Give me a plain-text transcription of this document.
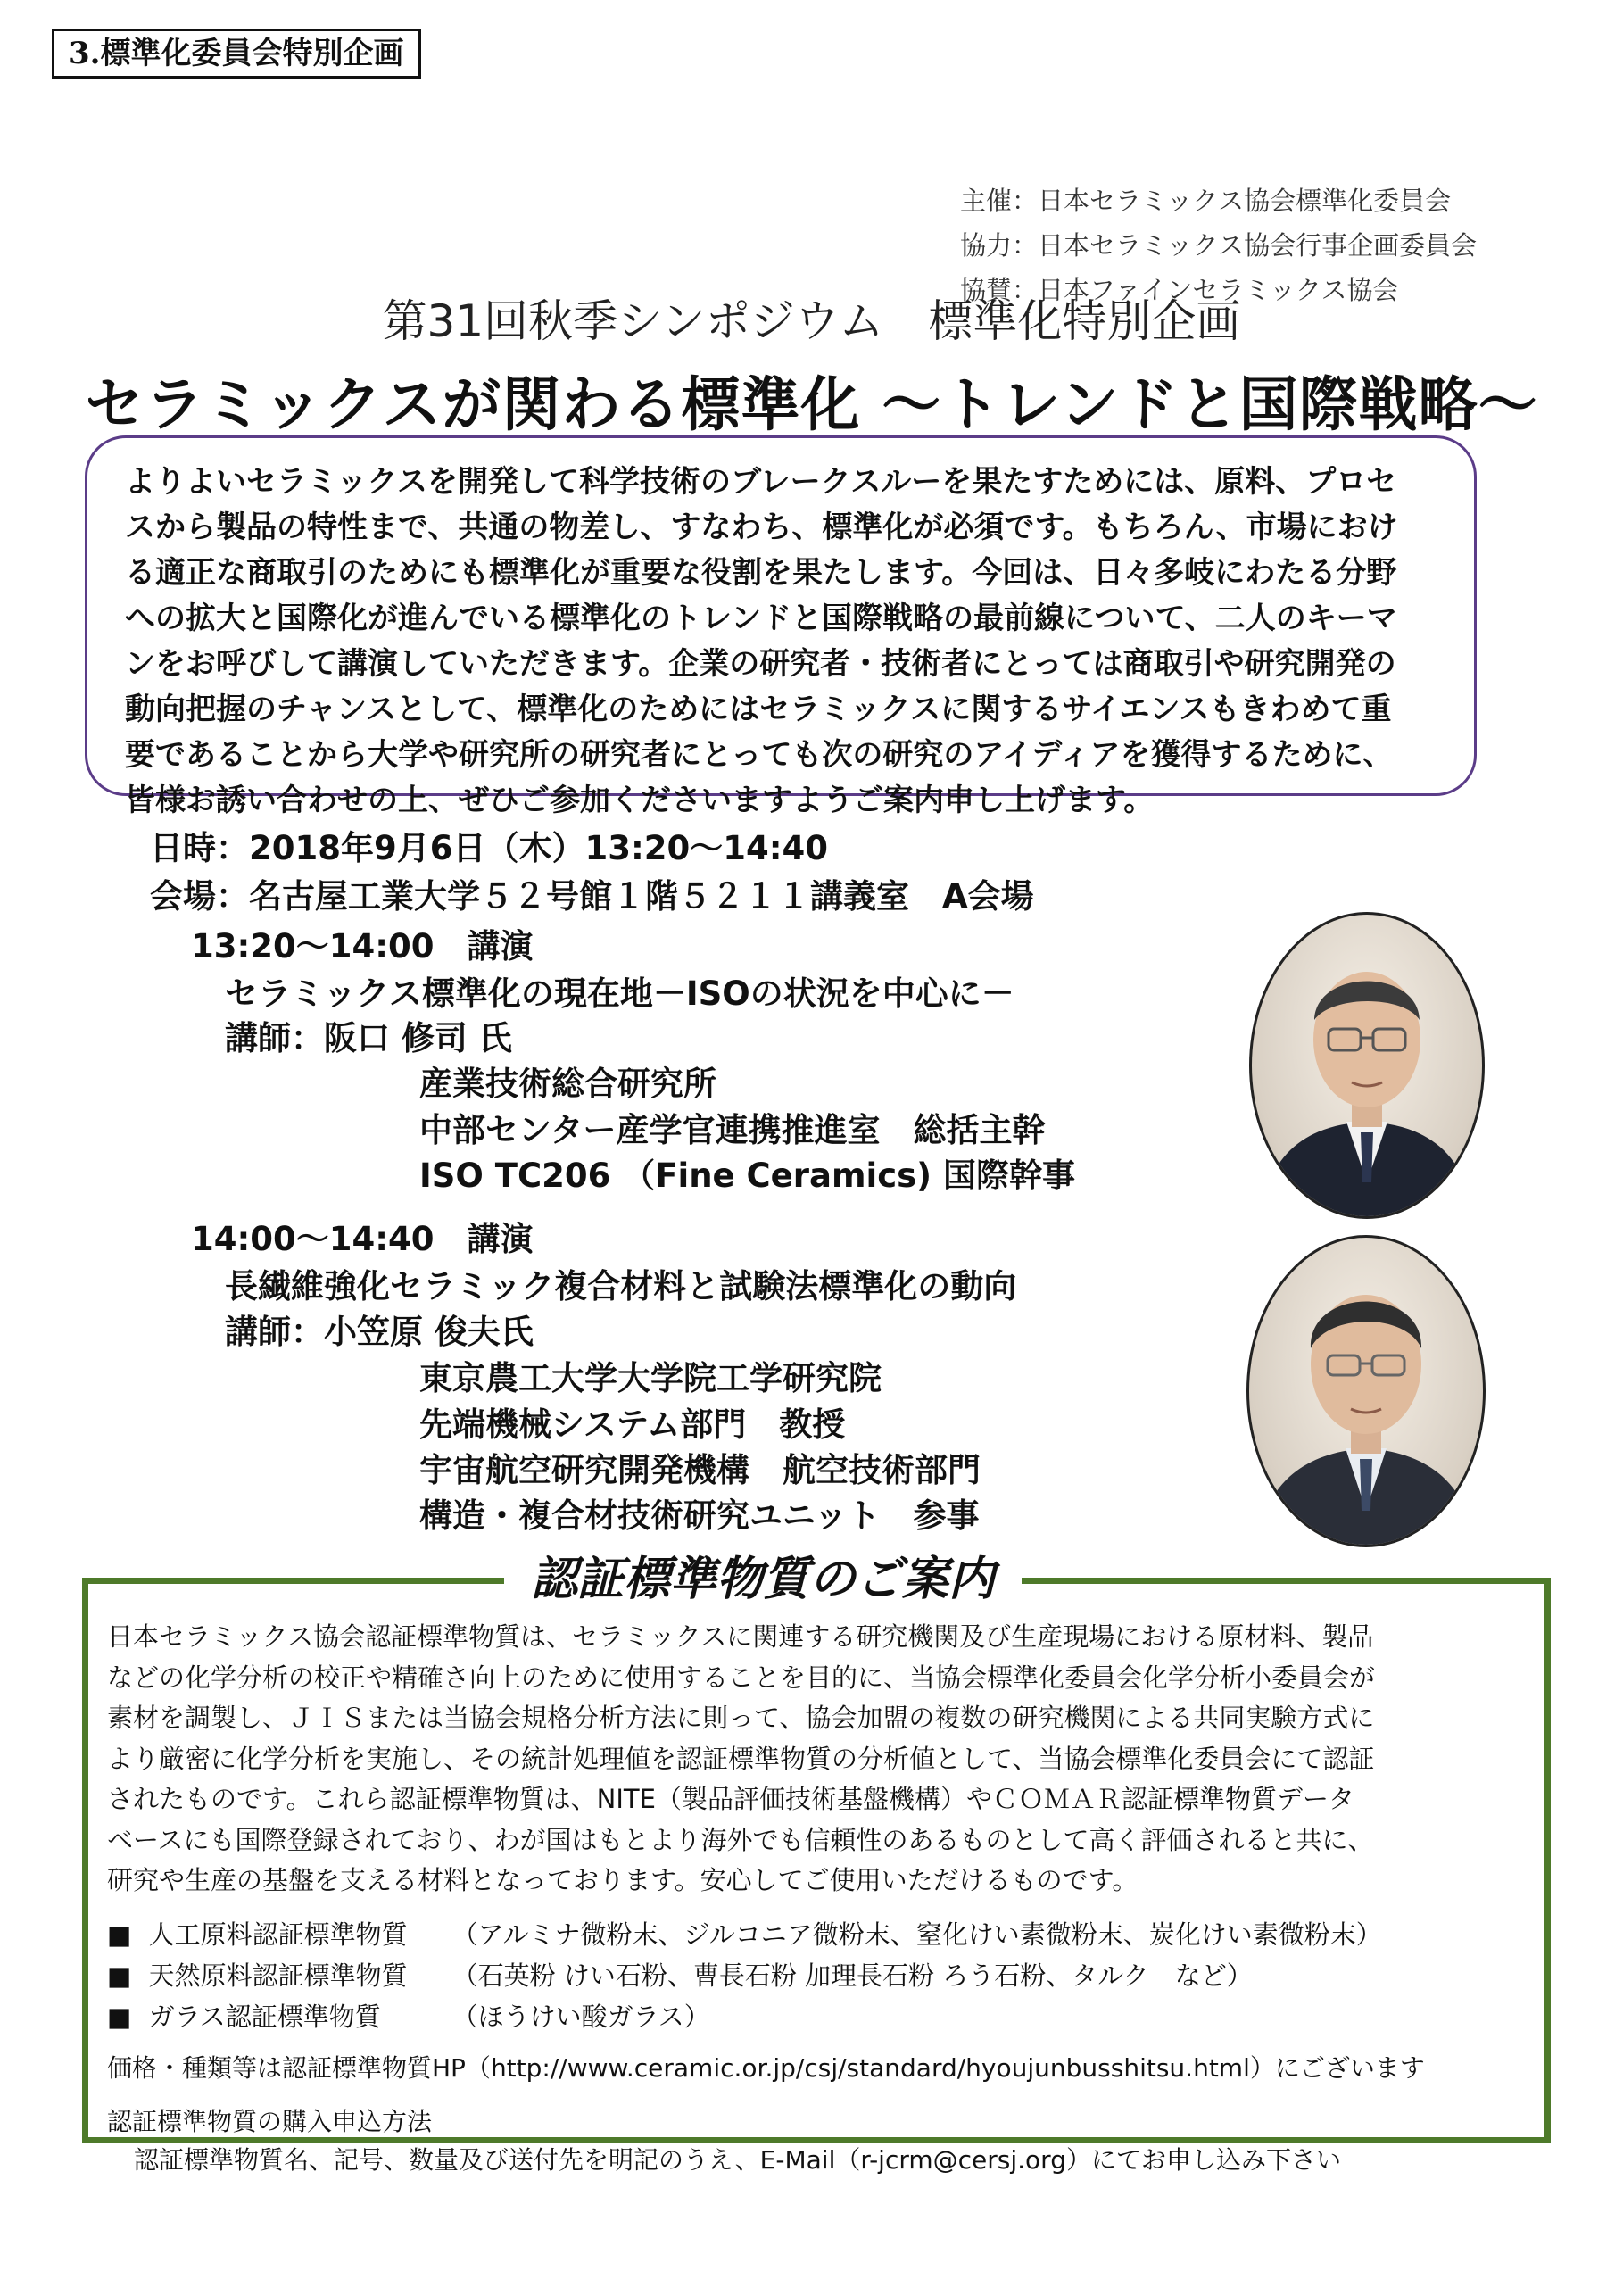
3.標準化委員会特別企画
主催：日本セラミックス協会標準化委員会
協力：日本セラミックス協会行事企画委員会
協賛：日本ファインセラミックス協会
第31回秋季シンポジウム　標準化特別企画
セラミックスが関わる標準化 ～トレンドと国際戦略～

よりよいセラミックスを開発して科学技術のブレークスルーを果たすためには、原料、プロセ

スから製品の特性まで、共通の物差し、すなわち、標準化が必須です。もちろん、市場におけ

る適正な商取引のためにも標準化が重要な役割を果たします。今回は、日々多岐にわたる分野

への拡大と国際化が進んでいる標準化のトレンドと国際戦略の最前線について、二人のキーマ

ンをお呼びして講演していただきます。企業の研究者・技術者にとっては商取引や研究開発の

動向把握のチャンスとして、標準化のためにはセラミックスに関するサイエンスもきわめて重

要であることから大学や研究所の研究者にとっても次の研究のアイディアを獲得するために、

皆様お誘い合わせの上、ぜひご参加くださいますようご案内申し上げます。

日時：2018年9月6日（木）13:20～14:40
会場：名古屋工業大学５２号館１階５２１１講義室　A会場
13:20～14:00　講演
セラミックス標準化の現在地－ISOの状況を中心に－
講師：阪口 修司 氏
産業技術総合研究所
中部センター産学官連携推進室　総括主幹
ISO TC206 （Fine Ceramics) 国際幹事
14:00～14:40　講演
長繊維強化セラミック複合材料と試験法標準化の動向
講師：小笠原 俊夫氏
東京農工大学大学院工学研究院
先端機械システム部門　教授
宇宙航空研究開発機構　航空技術部門
構造・複合材技術研究ユニット　参事
認証標準物質のご案内
日本セラミックス協会認証標準物質は、セラミックスに関連する研究機関及び生産現場における原材料、製品
などの化学分析の校正や精確さ向上のために使用することを目的に、当協会標準化委員会化学分析小委員会が
素材を調製し、ＪＩＳまたは当協会規格分析方法に則って、協会加盟の複数の研究機関による共同実験方式に
より厳密に化学分析を実施し、その統計処理値を認証標準物質の分析値として、当協会標準化委員会にて認証
されたものです。これら認証標準物質は、NITE（製品評価技術基盤機構）やＣＯＭＡＲ認証標準物質データ
ベースにも国際登録されており、わが国はもとより海外でも信頼性のあるものとして高く評価されると共に、
研究や生産の基盤を支える材料となっております。安心してご使用いただけるものです。
■ 人工原料認証標準物質 （アルミナ微粉末、ジルコニア微粉末、窒化けい素微粉末、炭化けい素微粉末）
■ 天然原料認証標準物質 （石英粉 けい石粉、曹長石粉 加理長石粉 ろう石粉、タルク　など）
■ ガラス認証標準物質	（ほうけい酸ガラス）
価格・種類等は認証標準物質HP（http://www.ceramic.or.jp/csj/standard/hyoujunbusshitsu.html）にございます
認証標準物質の購入申込方法
認証標準物質名、記号、数量及び送付先を明記のうえ、E-Mail（r-jcrm@cersj.org）にてお申し込み下さい
